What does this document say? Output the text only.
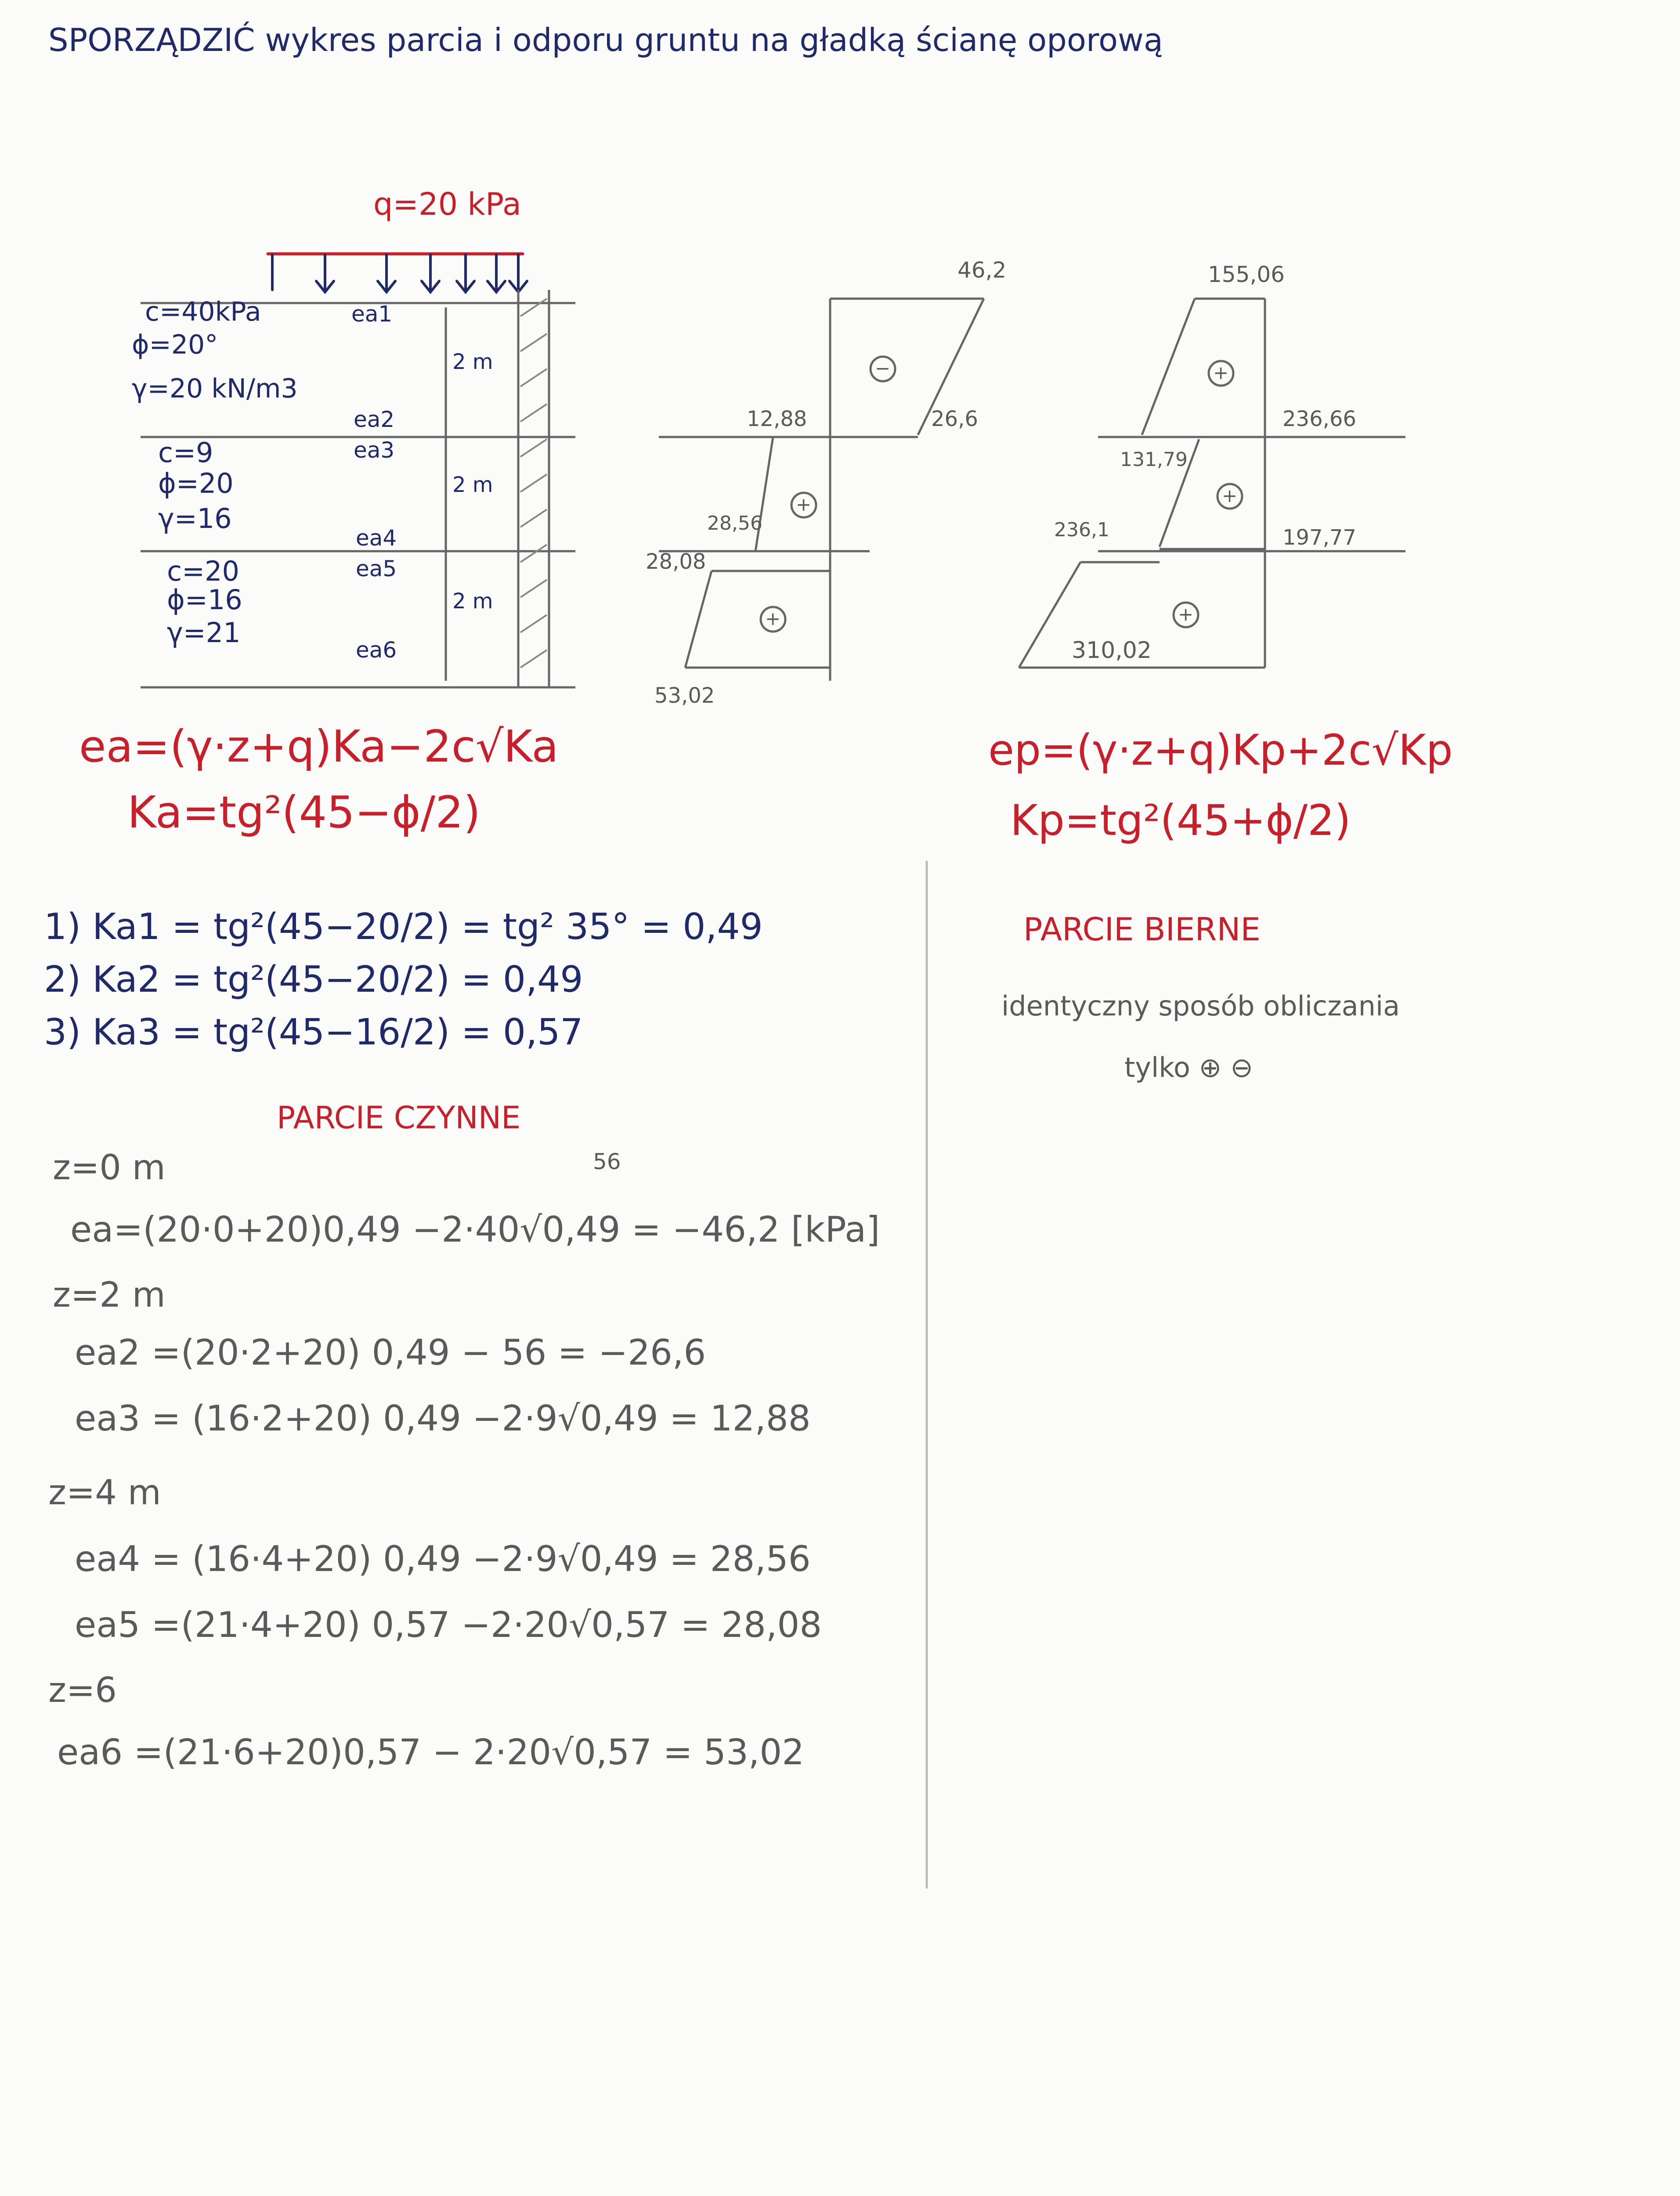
SPORZĄDZIĆ wykres parcia i odporu gruntu na gładką ścianę oporową
q=20 kPa
c=40kPa
ϕ=20°
γ=20 kN/m3
c=9
ϕ=20
γ=16
c=20
ϕ=16
γ=21
ea1
ea2
ea3
ea4
ea5
ea6
2 m
2 m
2 m
46,2
12,88	26,6
28,56
28,08
53,02
−
+
+
155,06
236,66
131,79
236,1	197,77
310,02
+
+
+
ea=(γ·z+q)Ka−2c√Ka
Ka=tg²(45−ϕ/2)
ep=(γ·z+q)Kp+2c√Kp
Kp=tg²(45+ϕ/2)
1) Ka1 = tg²(45−20/2) = tg² 35° = 0,49
2) Ka2 = tg²(45−20/2) = 0,49
3) Ka3 = tg²(45−16/2) = 0,57
PARCIE CZYNNE
PARCIE BIERNE
identyczny sposób obliczania
tylko ⊕ ⊖
z=0 m	56
ea=(20·0+20)0,49 −2·40√0,49 = −46,2 [kPa]
z=2 m
ea2 =(20·2+20) 0,49 − 56 = −26,6
ea3 = (16·2+20) 0,49 −2·9√0,49 = 12,88
z=4 m
ea4 = (16·4+20) 0,49 −2·9√0,49 = 28,56
ea5 =(21·4+20) 0,57 −2·20√0,57 = 28,08
z=6
ea6 =(21·6+20)0,57 − 2·20√0,57 = 53,02
